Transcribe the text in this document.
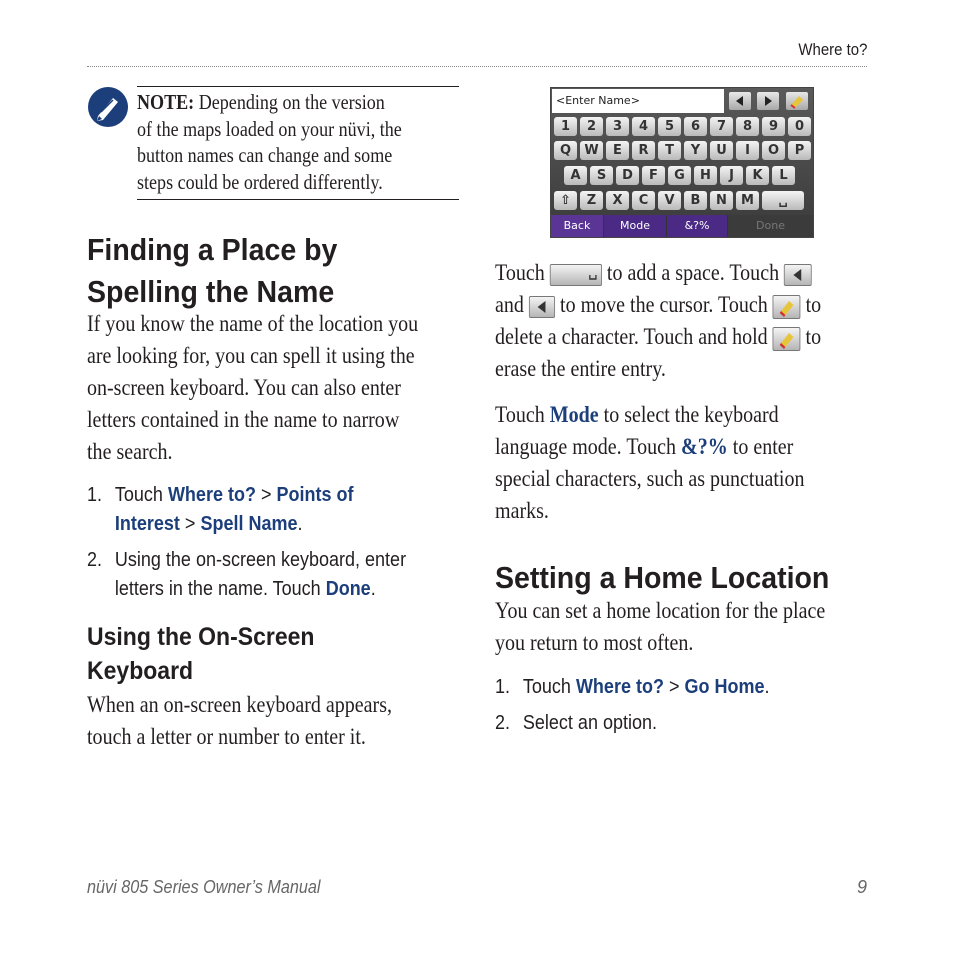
Where to?
NOTE: Depending on the version
of the maps loaded on your nüvi, the
button names can change and some
steps could be ordered differently.
Finding a Place by
Spelling the Name
If you know the name of the location you
are looking for, you can spell it using the
on-screen keyboard. You can also enter
letters contained in the name to narrow
the search.
1. Touch Where to? > Points of
Interest > Spell Name.
2. Using the on-screen keyboard, enter
letters in the name. Touch Done.
Using the On-Screen
Keyboard
When an on-screen keyboard appears,
touch a letter or number to enter it.
<Enter Name>
1	2	3	4	5	6	7	8	9	0
Q	W	E	R	T	Y	U	I	O	P
A	S	D	F	G	H	J	K	L
⇧	Z	X	C	V	B	N	M	␣
Back	Mode	&?%	Done
Touch
to add a space. Touch
and
to move the cursor. Touch
to
delete a character. Touch and hold
to
erase the entire entry.
Touch Mode to select the keyboard
language mode. Touch &?% to enter
special characters, such as punctuation
marks.
Setting a Home Location
You can set a home location for the place
you return to most often.
1. Touch Where to? > Go Home.
2. Select an option.
nüvi 805 Series Owner’s Manual	9
